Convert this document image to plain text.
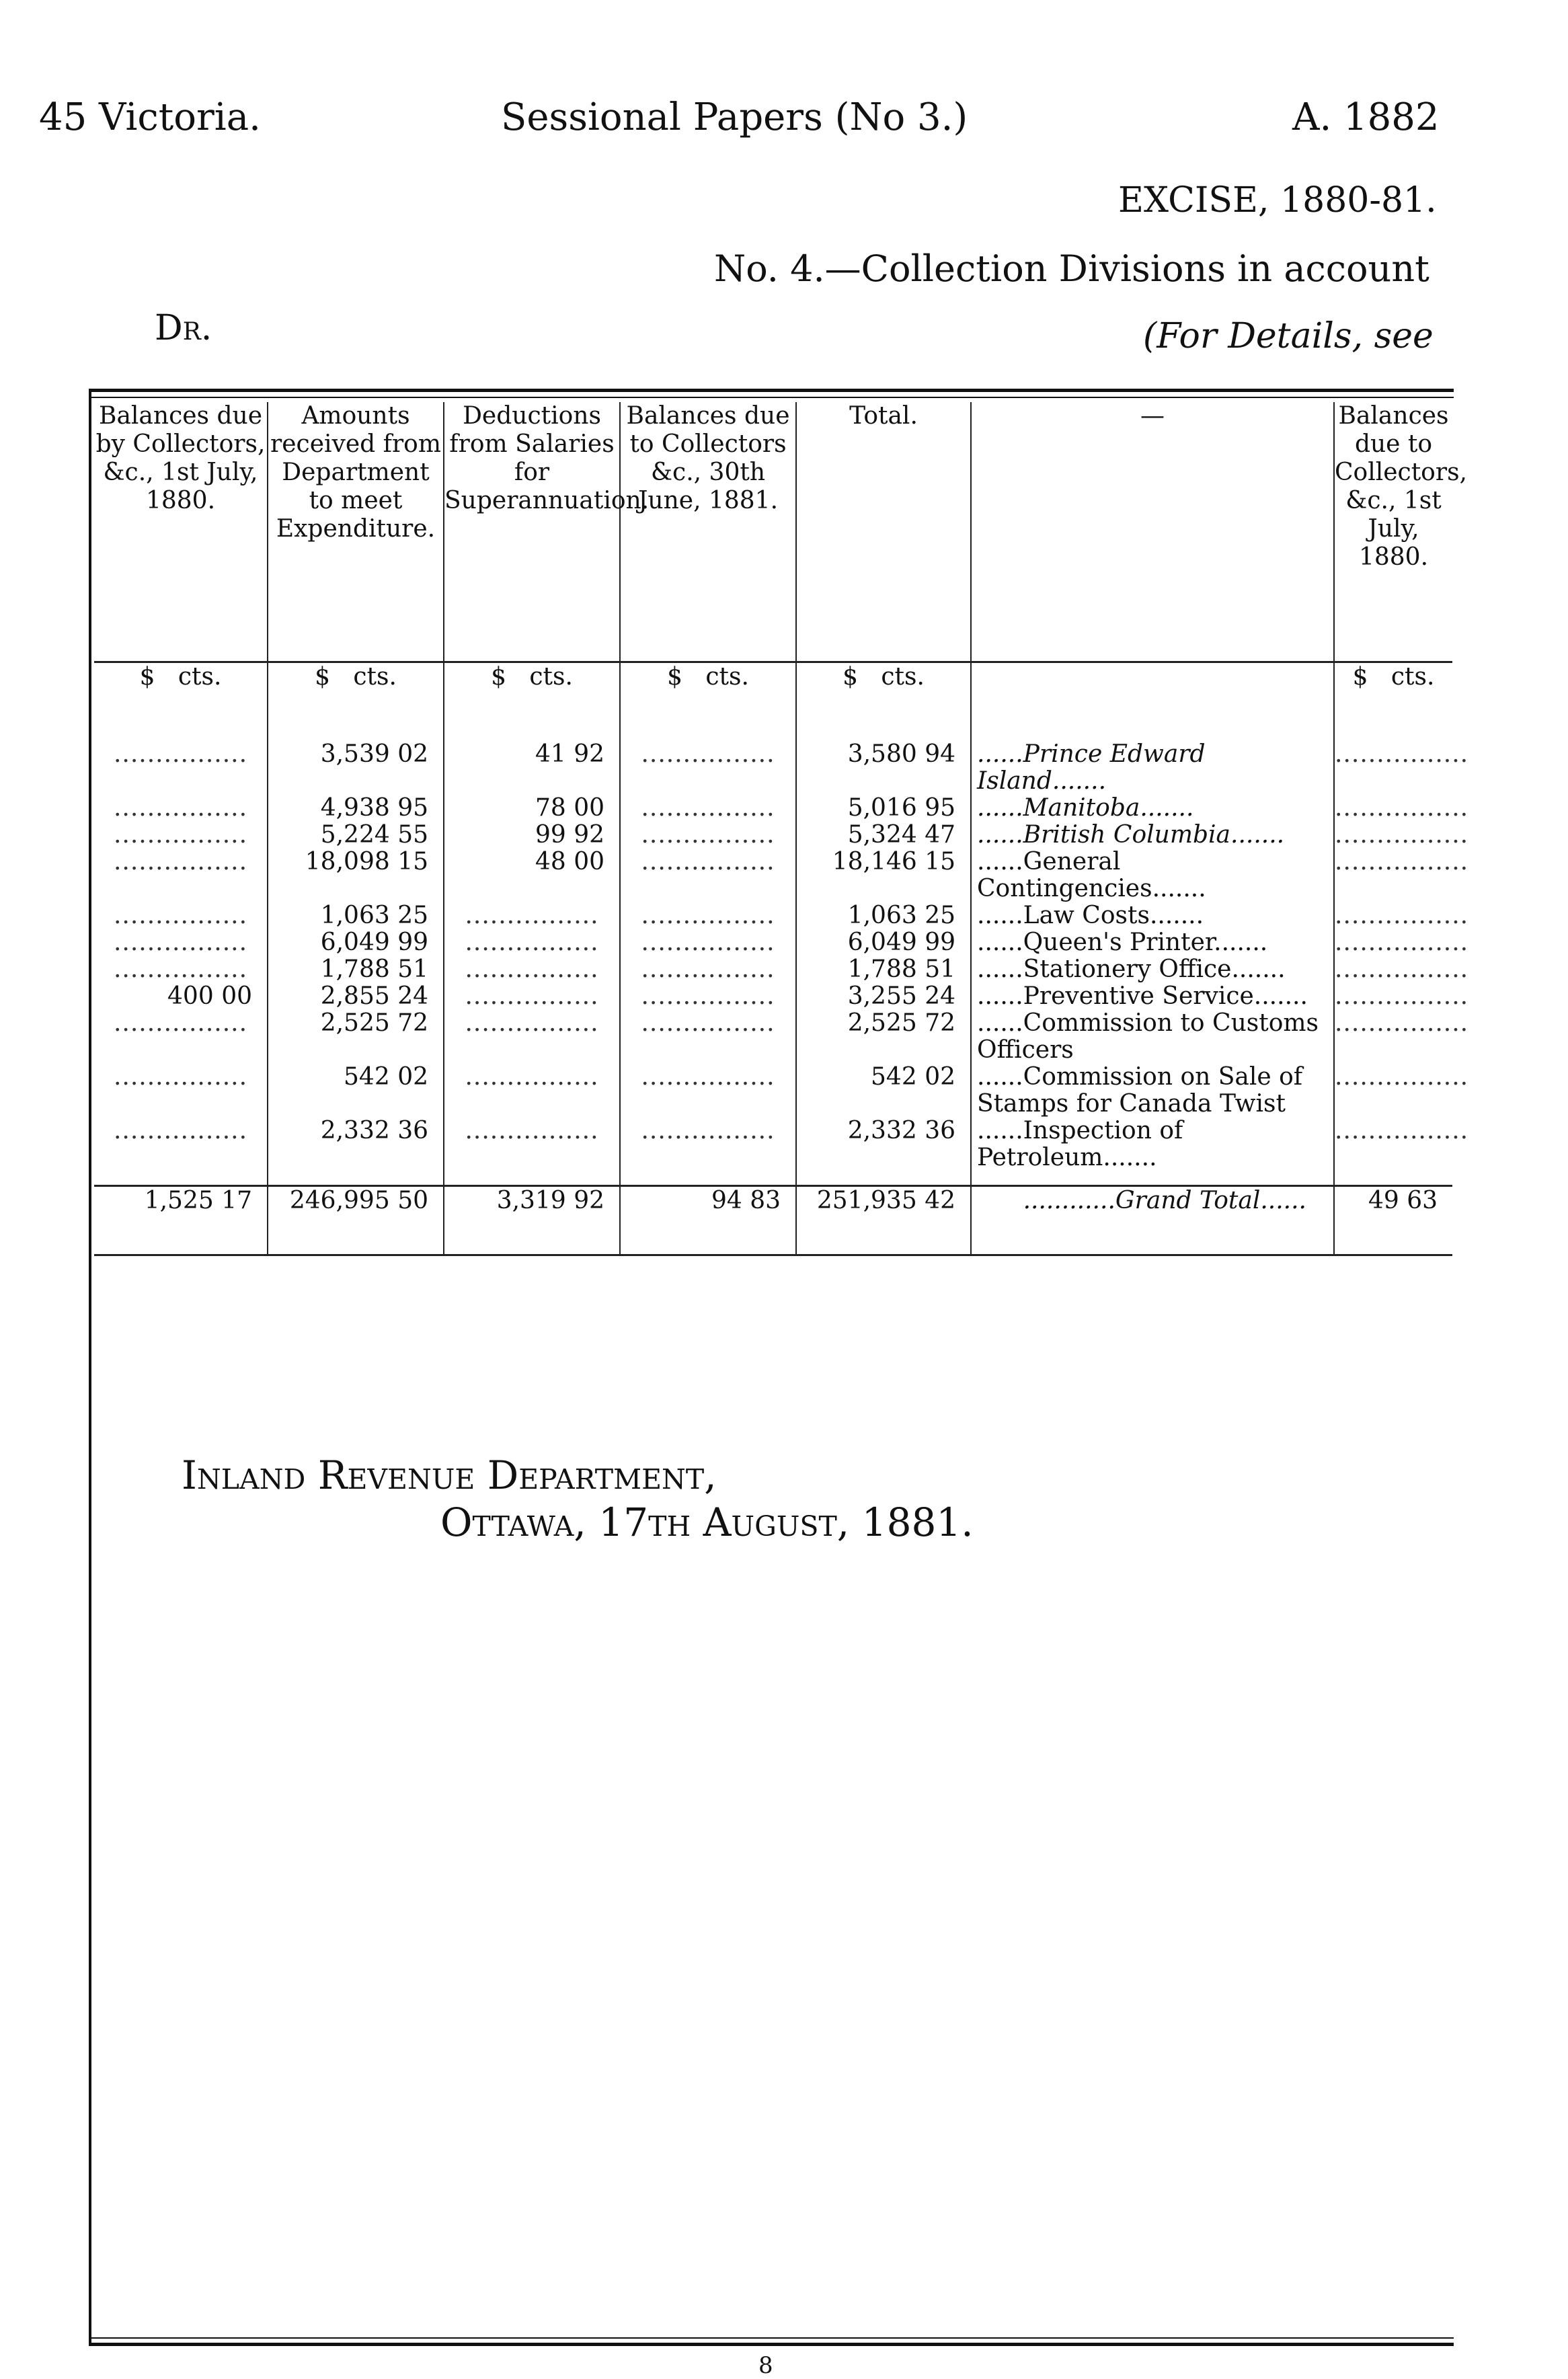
45 Victoria.	Sessional Papers (No 3.)	A. 1882
EXCISE, 1880-81.
No. 4.—Collection Divisions in account
Dr.	(For Details, see
Balances due by Collectors, &c., 1st July, 1880.	Amounts received from Department to meet Expenditure.	Deductions from Salaries for Superannuation.	Balances due to Collectors &c., 30th June, 1881.	Total.	—	Balances due to Collectors, &c., 1st July, 1880.
$ cts.	$ cts.	$ cts.	$ cts.	$ cts.		$ cts.
................	3,539 02	41 92	................	3,580 94	......Prince Edward Island.......	................
................	4,938 95	78 00	................	5,016 95	......Manitoba.......	................
................	5,224 55	99 92	................	5,324 47	......British Columbia.......	................
................	18,098 15	48 00	................	18,146 15	......General Contingencies.......	................
................	1,063 25	................	................	1,063 25	......Law Costs.......	................
................	6,049 99	................	................	6,049 99	......Queen's Printer.......	................
................	1,788 51	................	................	1,788 51	......Stationery Office.......	................
400 00	2,855 24	................	................	3,255 24	......Preventive Service.......	................
................	2,525 72	................	................	2,525 72	......Commission to Customs Officers	................
................	542 02	................	................	542 02	......Commission on Sale of Stamps for Canada Twist	................
................	2,332 36	................	................	2,332 36	......Inspection of Petroleum.......	................

1,525 17	246,995 50	3,319 92	94 83	251,935 42	............Grand Total......	49 63
Inland Revenue Department,
Ottawa, 17th August, 1881.
8
